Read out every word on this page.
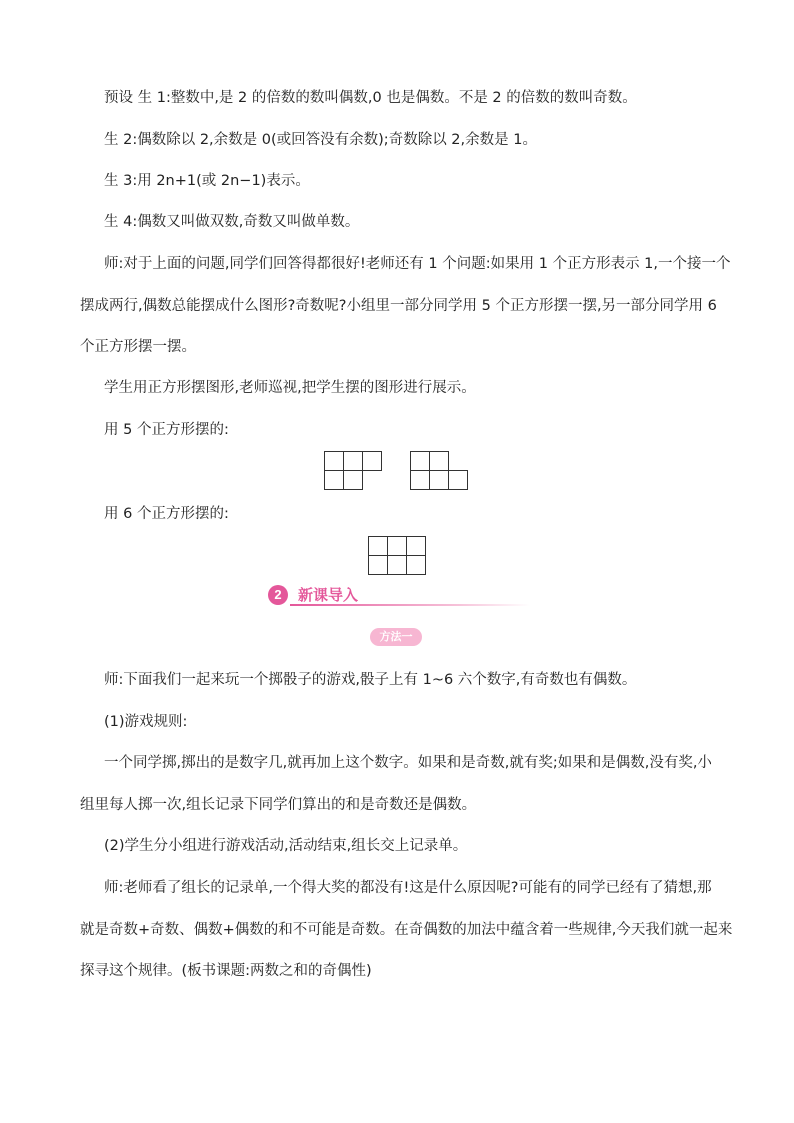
预设 生 1:整数中,是 2 的倍数的数叫偶数,0 也是偶数。不是 2 的倍数的数叫奇数。
生 2:偶数除以 2,余数是 0(或回答没有余数);奇数除以 2,余数是 1。
生 3:用 2n+1(或 2n−1)表示。
生 4:偶数又叫做双数,奇数又叫做单数。
师:对于上面的问题,同学们回答得都很好!老师还有 1 个问题:如果用 1 个正方形表示 1,一个接一个
摆成两行,偶数总能摆成什么图形?奇数呢?小组里一部分同学用 5 个正方形摆一摆,另一部分同学用 6
个正方形摆一摆。
学生用正方形摆图形,老师巡视,把学生摆的图形进行展示。
用 5 个正方形摆的:
用 6 个正方形摆的:
2	新课导入
方法一
师:下面我们一起来玩一个掷骰子的游戏,骰子上有 1~6 六个数字,有奇数也有偶数。
(1)游戏规则:
一个同学掷,掷出的是数字几,就再加上这个数字。如果和是奇数,就有奖;如果和是偶数,没有奖,小
组里每人掷一次,组长记录下同学们算出的和是奇数还是偶数。
(2)学生分小组进行游戏活动,活动结束,组长交上记录单。
师:老师看了组长的记录单,一个得大奖的都没有!这是什么原因呢?可能有的同学已经有了猜想,那
就是奇数+奇数、偶数+偶数的和不可能是奇数。在奇偶数的加法中蕴含着一些规律,今天我们就一起来
探寻这个规律。(板书课题:两数之和的奇偶性)
